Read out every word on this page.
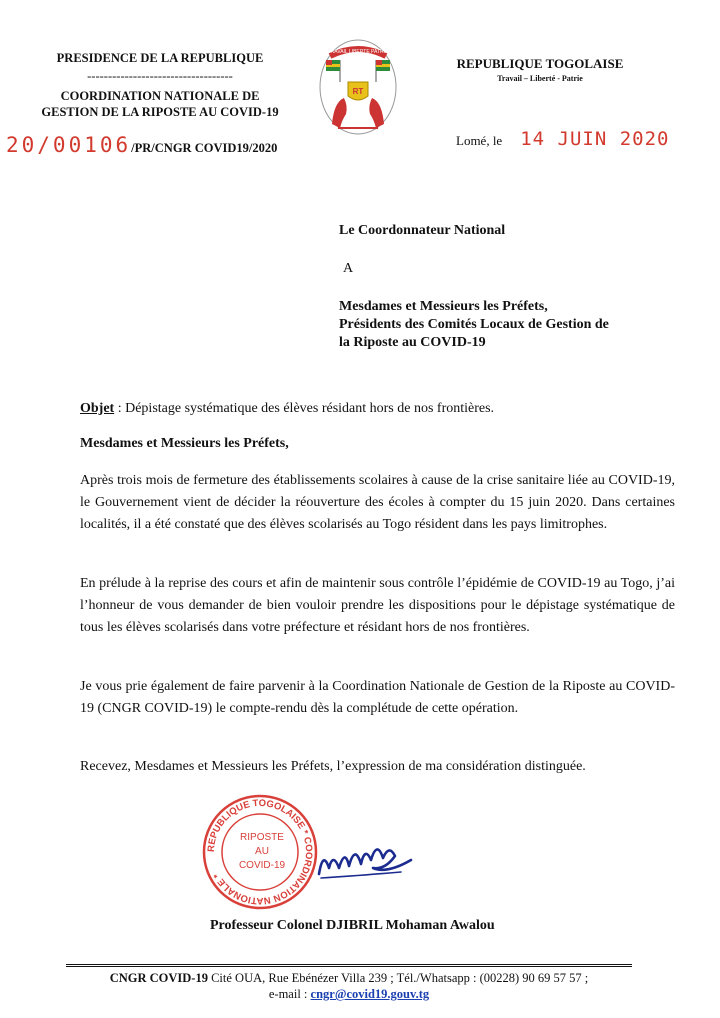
PRESIDENCE DE LA REPUBLIQUE
-----------------------------------
COORDINATION NATIONALE DE
GESTION DE LA RIPOSTE AU COVID-19
20/00106/PR/CNGR COVID19/2020
TRAVAIL LIBERTE PATRIE
RT
REPUBLIQUE TOGOLAISE
Travail – Liberté - Patrie
Lomé, le 14 JUIN 2020
Le Coordonnateur National
A
Mesdames et Messieurs les Préfets,
Présidents des Comités Locaux de Gestion de
la Riposte au COVID-19
Objet : Dépistage systématique des élèves résidant hors de nos frontières.
Mesdames et Messieurs les Préfets,
Après trois mois de fermeture des établissements scolaires à cause de la crise sanitaire liée au COVID-19, le Gouvernement vient de décider la réouverture des écoles à compter du 15 juin 2020. Dans certaines localités, il a été constaté que des élèves scolarisés au Togo résident dans les pays limitrophes.
En prélude à la reprise des cours et afin de maintenir sous contrôle l’épidémie de COVID-19 au Togo, j’ai l’honneur de vous demander de bien vouloir prendre les dispositions pour le dépistage systématique de tous les élèves scolarisés dans votre préfecture et résidant hors de nos frontières.
Je vous prie également de faire parvenir à la Coordination Nationale de Gestion de la Riposte au COVID-19 (CNGR COVID-19) le compte-rendu dès la complétude de cette opération.
Recevez, Mesdames et Messieurs les Préfets, l’expression de ma considération distinguée.
REPUBLIQUE TOGOLAISE * COORDINATION NATIONALE *
RIPOSTE
AU
COVID-19
Professeur Colonel DJIBRIL Mohaman Awalou
CNGR COVID-19 Cité OUA, Rue Ebénézer Villa 239 ; Tél./Whatsapp : (00228) 90 69 57 57 ;
e-mail : cngr@covid19.gouv.tg
